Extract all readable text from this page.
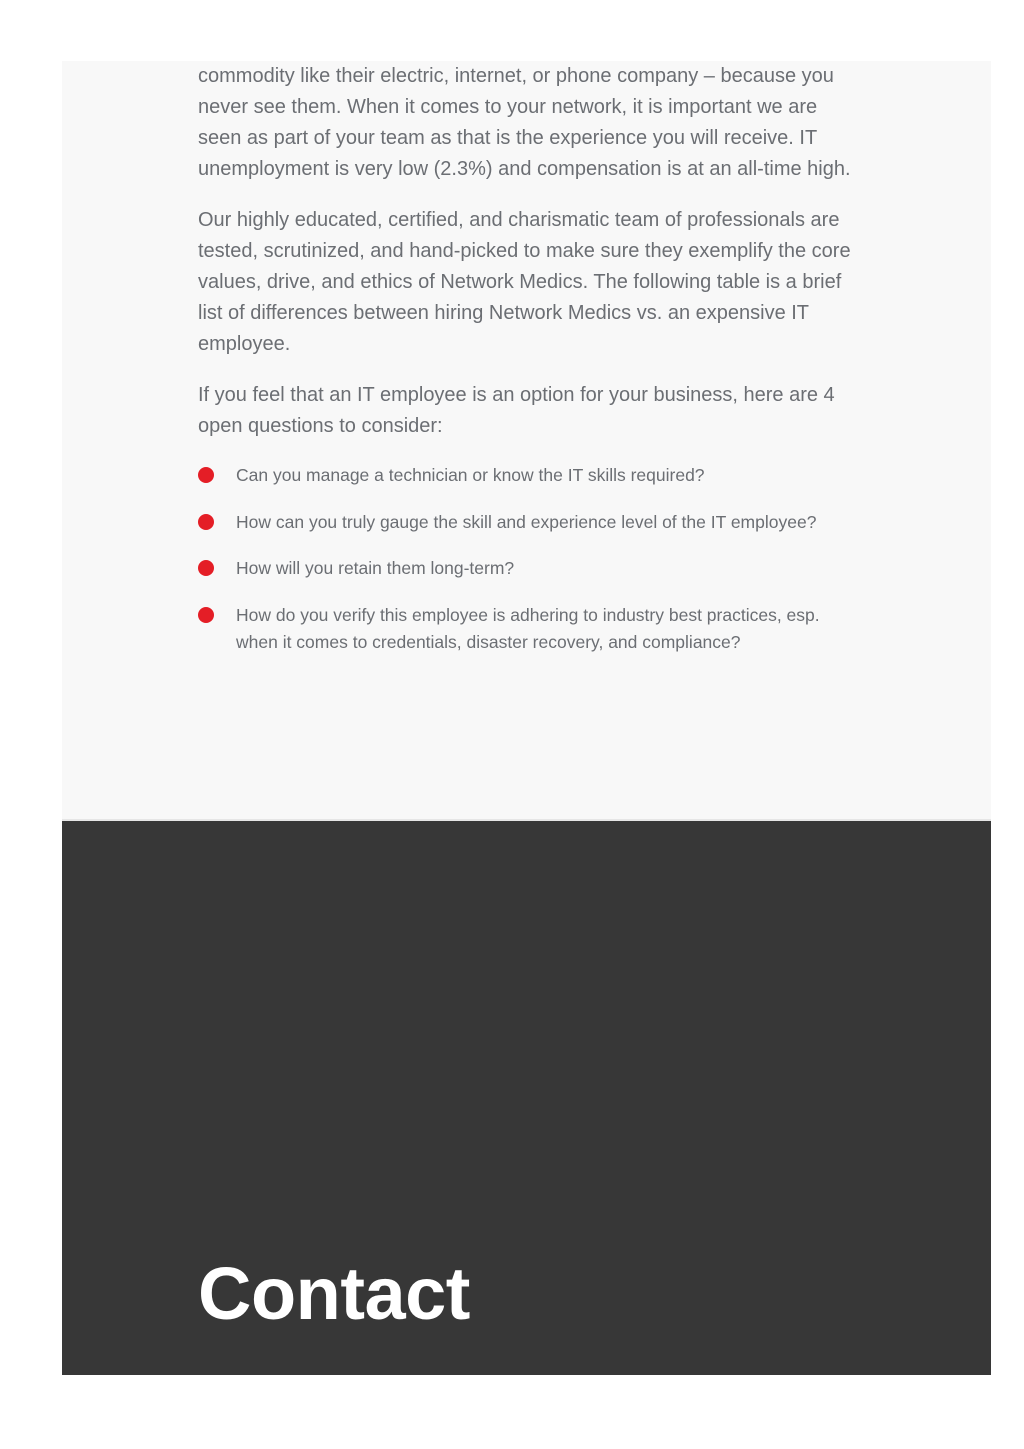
commodity like their electric, internet, or phone company – because you never see them. When it comes to your network, it is important we are seen as part of your team as that is the experience you will receive. IT unemployment is very low (2.3%) and compensation is at an all-time high.

Our highly educated, certified, and charismatic team of professionals are tested, scrutinized, and hand-picked to make sure they exemplify the core values, drive, and ethics of Network Medics. The following table is a brief list of differences between hiring Network Medics vs. an expensive IT employee.

If you feel that an IT employee is an option for your business, here are 4 open questions to consider:

Can you manage a technician or know the IT skills required?
How can you truly gauge the skill and experience level of the IT employee?
How will you retain them long-term?
How do you verify this employee is adhering to industry best practices, esp. when it comes to credentials, disaster recovery, and compliance?
Contact
